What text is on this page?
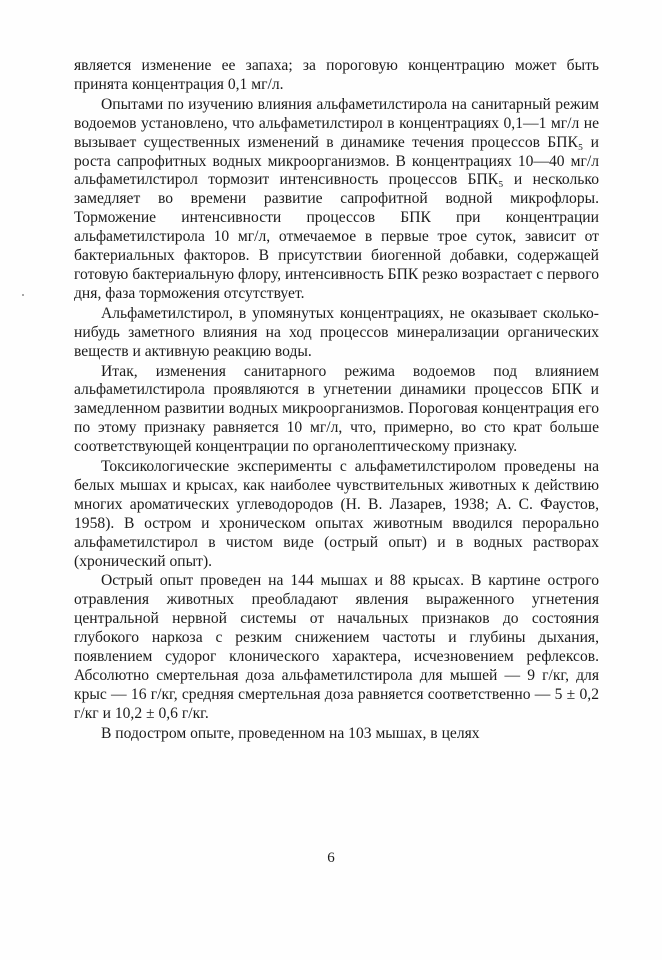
является изменение ее запаха; за пороговую концентрацию может быть принята концентрация 0,1 мг/л.

Опытами по изучению влияния альфаметилстирола на санитарный режим водоемов установлено, что альфаметилстирол в концентрациях 0,1—1 мг/л не вызывает существенных изменений в динамике течения процессов БПК₅ и роста сапрофитных водных микроорганизмов. В концентрациях 10—40 мг/л альфаметилстирол тормозит интенсивность процессов БПК₅ и несколько замедляет во времени развитие сапрофитной водной микрофлоры. Торможение интенсивности процессов БПК при концентрации альфаметилстирола 10 мг/л, отмечаемое в первые трое суток, зависит от бактериальных факторов. В присутствии биогенной добавки, содержащей готовую бактериальную флору, интенсивность БПК резко возрастает с первого дня, фаза торможения отсутствует.

Альфаметилстирол, в упомянутых концентрациях, не оказывает сколько-нибудь заметного влияния на ход процессов минерализации органических веществ и активную реакцию воды.

Итак, изменения санитарного режима водоемов под влиянием альфаметилстирола проявляются в угнетении динамики процессов БПК и замедленном развитии водных микроорганизмов. Пороговая концентрация его по этому признаку равняется 10 мг/л, что, примерно, во сто крат больше соответствующей концентрации по органолептическому признаку.

Токсикологические эксперименты с альфаметилстиролом проведены на белых мышах и крысах, как наиболее чувствительных животных к действию многих ароматических углеводородов (Н. В. Лазарев, 1938; А. С. Фаустов, 1958). В остром и хроническом опытах животным вводился перорально альфаметилстирол в чистом виде (острый опыт) и в водных растворах (хронический опыт).

Острый опыт проведен на 144 мышах и 88 крысах. В картине острого отравления животных преобладают явления выраженного угнетения центральной нервной системы от начальных признаков до состояния глубокого наркоза с резким снижением частоты и глубины дыхания, появлением судорог клонического характера, исчезновением рефлексов. Абсолютно смертельная доза альфаметилстирола для мышей — 9 г/кг, для крыс — 16 г/кг, средняя смертельная доза равняется соответственно — 5 ± 0,2 г/кг и 10,2 ± 0,6 г/кг.

В подостром опыте, проведенном на 103 мышах, в целях

6
